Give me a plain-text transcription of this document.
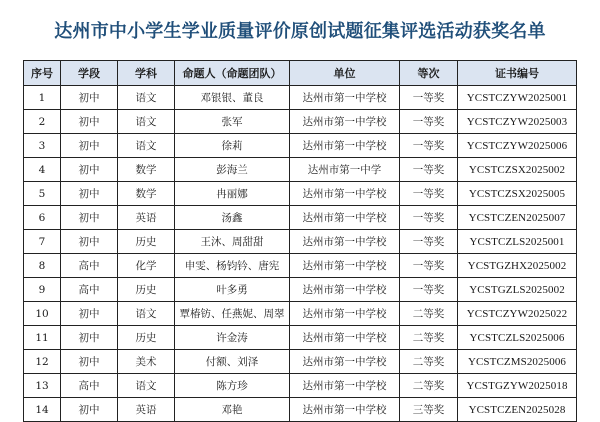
达州市中小学生学业质量评价原创试题征集评选活动获奖名单
序号	学段	学科	命题人（命题团队）	单位	等次	证书编号
1	初中	语文	邓银银、董良	达州市第一中学校	一等奖	YCSTCZYW2025001
2	初中	语文	张军	达州市第一中学校	一等奖	YCSTCZYW2025003
3	初中	语文	徐莉	达州市第一中学校	一等奖	YCSTCZYW2025006
4	初中	数学	彭海兰	达州市第一中学	一等奖	YCSTCZSX2025002
5	初中	数学	冉丽娜	达州市第一中学校	一等奖	YCSTCZSX2025005
6	初中	英语	汤鑫	达州市第一中学校	一等奖	YCSTCZEN2025007
7	初中	历史	王沐、周甜甜	达州市第一中学校	一等奖	YCSTCZLS2025001
8	高中	化学	申雯、杨钧钤、唐宪	达州市第一中学校	一等奖	YCSTGZHX2025002
9	高中	历史	叶多勇	达州市第一中学校	一等奖	YCSTGZLS2025002
10	初中	语文	覃椿钫、任燕妮、周翠	达州市第一中学校	二等奖	YCSTCZYW2025022
11	初中	历史	许金涛	达州市第一中学校	二等奖	YCSTCZLS2025006
12	初中	美术	付额、刘泽	达州市第一中学校	二等奖	YCSTCZMS2025006
13	高中	语文	陈方珍	达州市第一中学校	二等奖	YCSTGZYW2025018
14	初中	英语	邓艳	达州市第一中学校	三等奖	YCSTCZEN2025028
